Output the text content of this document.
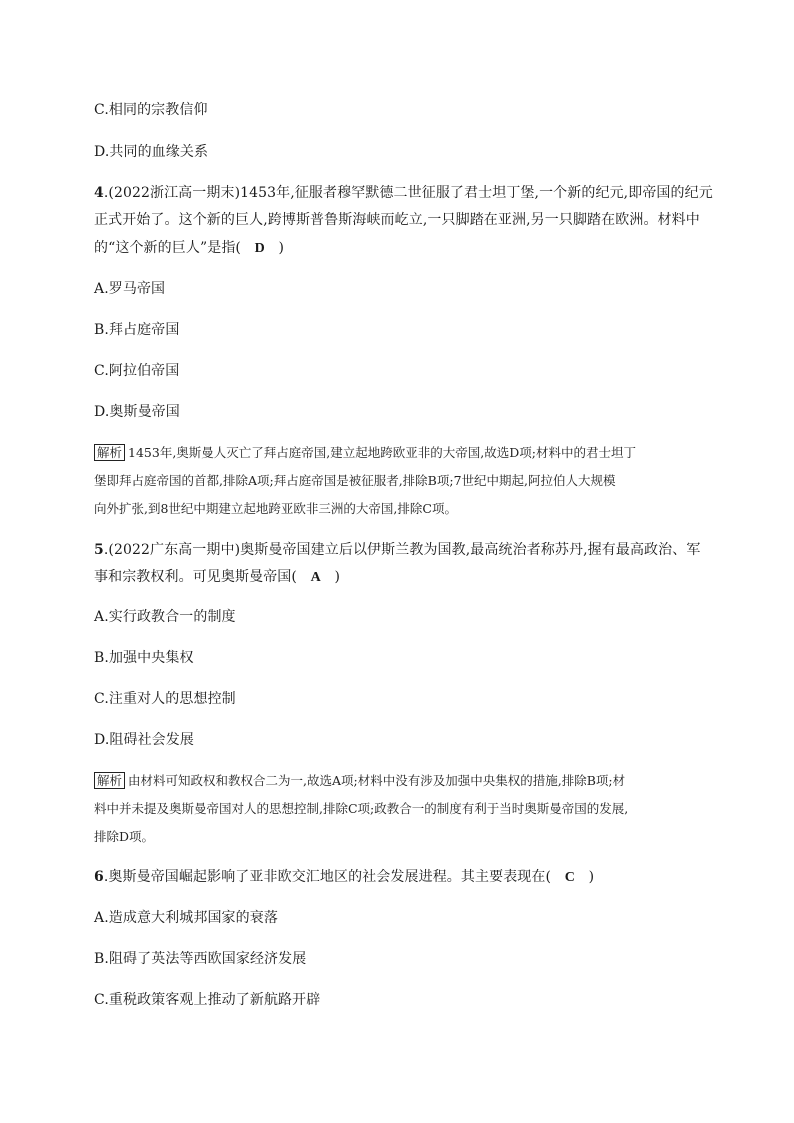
C.相同的宗教信仰
D.共同的血缘关系
4.(2022浙江高一期末)1453年,征服者穆罕默德二世征服了君士坦丁堡,一个新的纪元,即帝国的纪元
正式开始了。这个新的巨人,跨博斯普鲁斯海峡而屹立,一只脚踏在亚洲,另一只脚踏在欧洲。材料中
的“这个新的巨人”是指( D )
A.罗马帝国
B.拜占庭帝国
C.阿拉伯帝国
D.奥斯曼帝国
解析 1453年,奥斯曼人灭亡了拜占庭帝国,建立起地跨欧亚非的大帝国,故选D项;材料中的君士坦丁
堡即拜占庭帝国的首都,排除A项;拜占庭帝国是被征服者,排除B项;7世纪中期起,阿拉伯人大规模
向外扩张,到8世纪中期建立起地跨亚欧非三洲的大帝国,排除C项。
5.(2022广东高一期中)奥斯曼帝国建立后以伊斯兰教为国教,最高统治者称苏丹,握有最高政治、军
事和宗教权利。可见奥斯曼帝国( A )
A.实行政教合一的制度
B.加强中央集权
C.注重对人的思想控制
D.阻碍社会发展
解析 由材料可知政权和教权合二为一,故选A项;材料中没有涉及加强中央集权的措施,排除B项;材
料中并未提及奥斯曼帝国对人的思想控制,排除C项;政教合一的制度有利于当时奥斯曼帝国的发展,
排除D项。
6.奥斯曼帝国崛起影响了亚非欧交汇地区的社会发展进程。其主要表现在( C )
A.造成意大利城邦国家的衰落
B.阻碍了英法等西欧国家经济发展
C.重税政策客观上推动了新航路开辟
